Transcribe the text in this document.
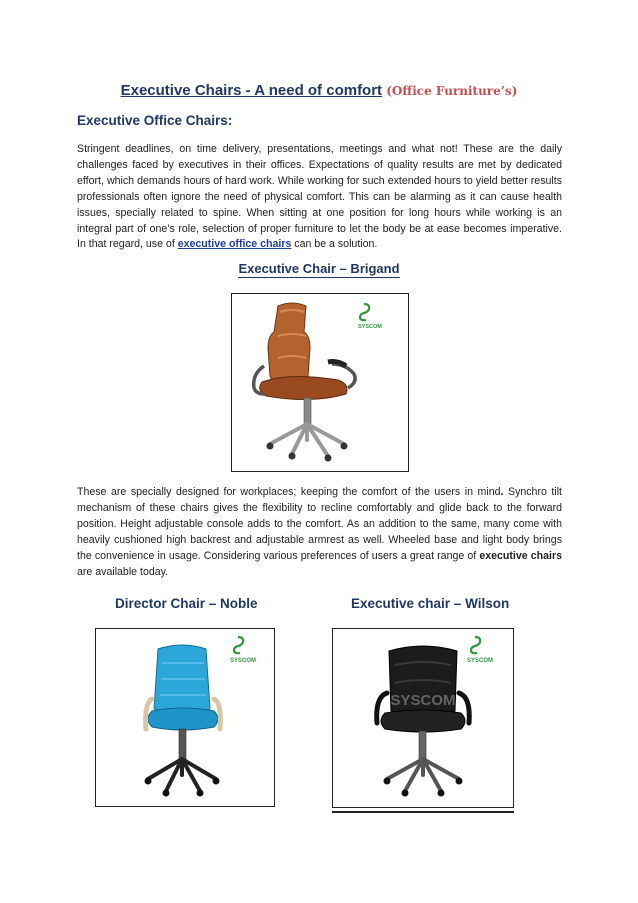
Executive Chairs - A need of comfort (Office Furniture’s)
Executive Office Chairs:
Stringent deadlines, on time delivery, presentations, meetings and what not! These are the daily challenges faced by executives in their offices. Expectations of quality results are met by dedicated effort, which demands hours of hard work. While working for such extended hours to yield better results professionals often ignore the need of physical comfort. This can be alarming as it can cause health issues, specially related to spine. When sitting at one position for long hours while working is an integral part of one’s role, selection of proper furniture to let the body be at ease becomes imperative. In that regard, use of executive office chairs can be a solution.
Executive Chair – Brigand
SYSCOM
These are specially designed for workplaces; keeping the comfort of the users in mind. Synchro tilt mechanism of these chairs gives the flexibility to recline comfortably and glide back to the forward position. Height adjustable console adds to the comfort. As an addition to the same, many come with heavily cushioned high backrest and adjustable armrest as well. Wheeled base and light body brings the convenience in usage. Considering various preferences of users a great range of executive chairs are available today.
Director Chair – Noble	Executive chair – Wilson
SYSCOM	SYSCOM
SYSCOM
